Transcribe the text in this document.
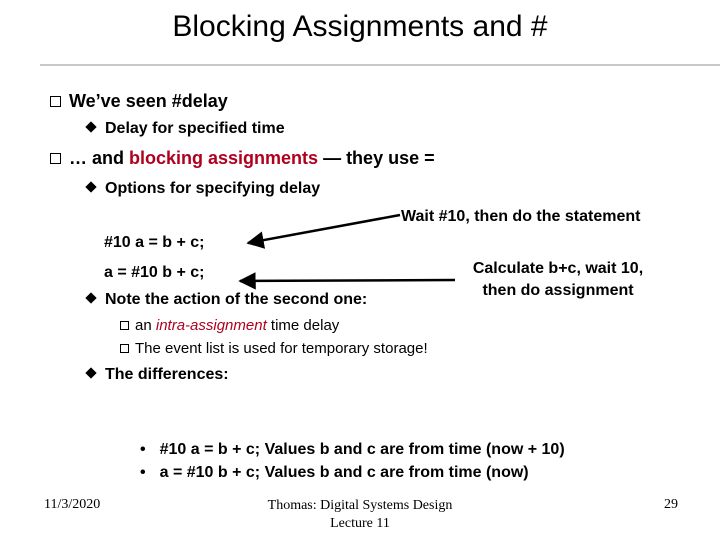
Blocking Assignments and #
We’ve seen #delay
Delay for specified time
… and blocking assignments — they use =
Options for specifying delay
Wait #10, then do the statement
#10 a = b + c;
a = #10 b + c;	Calculate b+c, wait 10,
then do assignment
Note the action of the second one:
an intra-assignment time delay
The event list is used for temporary storage!
The differences:
• #10 a = b + c; Values b and c are from time (now + 10)
• a = #10 b + c; Values b and c are from time (now)
11/3/2020	Thomas: Digital Systems Design
Lecture 11
29
